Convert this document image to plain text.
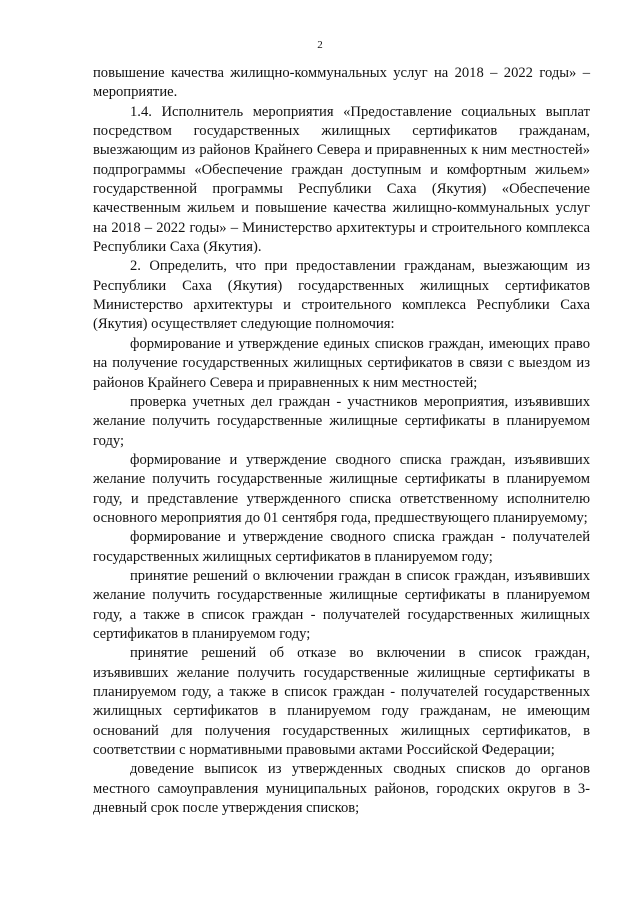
2

повышение качества жилищно-коммунальных услуг на 2018 – 2022 годы» – мероприятие.

1.4. Исполнитель мероприятия «Предоставление социальных выплат посредством государственных жилищных сертификатов гражданам, выезжающим из районов Крайнего Севера и приравненных к ним местностей» подпрограммы «Обеспечение граждан доступным и комфортным жильем» государственной программы Республики Саха (Якутия) «Обеспечение качественным жильем и повышение качества жилищно-коммунальных услуг на 2018 – 2022 годы» – Министерство архитектуры и строительного комплекса Республики Саха (Якутия).

2. Определить, что при предоставлении гражданам, выезжающим из Республики Саха (Якутия) государственных жилищных сертификатов Министерство архитектуры и строительного комплекса Республики Саха (Якутия) осуществляет следующие полномочия:

формирование и утверждение единых списков граждан, имеющих право на получение государственных жилищных сертификатов в связи с выездом из районов Крайнего Севера и приравненных к ним местностей;

проверка учетных дел граждан - участников мероприятия, изъявивших желание получить государственные жилищные сертификаты в планируемом году;

формирование и утверждение сводного списка граждан, изъявивших желание получить государственные жилищные сертификаты в планируемом году, и представление утвержденного списка ответственному исполнителю основного мероприятия до 01 сентября года, предшествующего планируемому;

формирование и утверждение сводного списка граждан - получателей государственных жилищных сертификатов в планируемом году;

принятие решений о включении граждан в список граждан, изъявивших желание получить государственные жилищные сертификаты в планируемом году, а также в список граждан - получателей государственных жилищных сертификатов в планируемом году;

принятие решений об отказе во включении в список граждан, изъявивших желание получить государственные жилищные сертификаты в планируемом году, а также в список граждан - получателей государственных жилищных сертификатов в планируемом году гражданам, не имеющим оснований для получения государственных жилищных сертификатов, в соответствии с нормативными правовыми актами Российской Федерации;

доведение выписок из утвержденных сводных списков до органов местного самоуправления муниципальных районов, городских округов в 3-дневный срок после утверждения списков;
